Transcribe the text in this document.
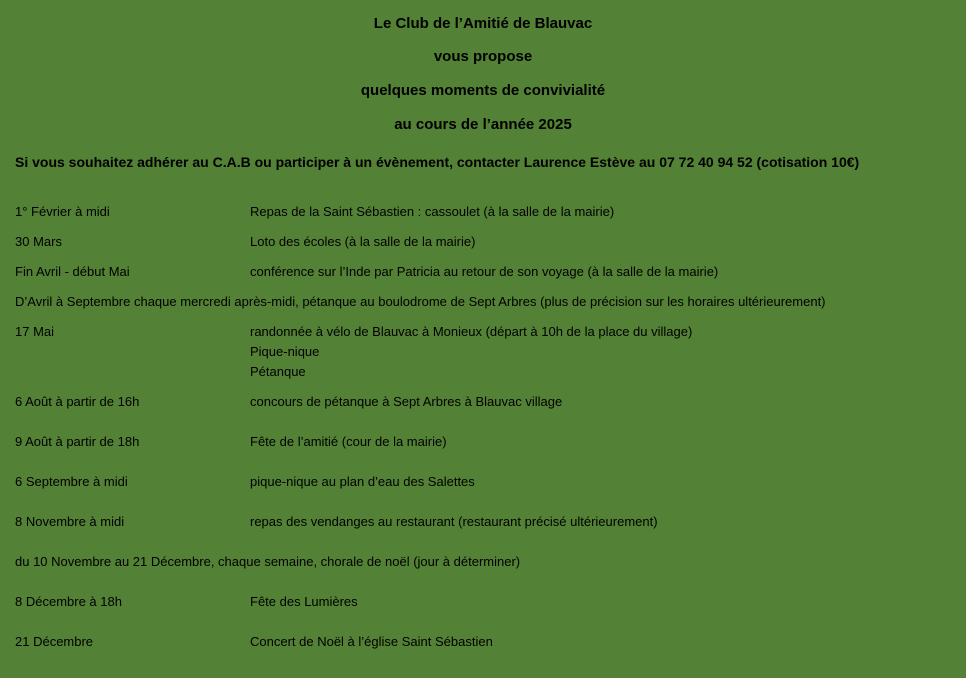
Le Club de l’Amitié de Blauvac
vous propose
quelques moments de convivialité
au cours de l’année 2025
Si vous souhaitez adhérer au C.A.B ou participer à un évènement, contacter Laurence Estève au 07 72 40 94 52 (cotisation 10€)
1° Février à midi	Repas de la Saint Sébastien : cassoulet (à la salle de la mairie)
30 Mars	Loto des écoles (à la salle de la mairie)
Fin Avril - début Mai	conférence sur l’Inde par Patricia au retour de son voyage (à la salle de la mairie)
D’Avril à Septembre chaque mercredi après-midi, pétanque au boulodrome de Sept Arbres (plus de précision sur les horaires ultérieurement)
17 Mai	randonnée à vélo de Blauvac à Monieux (départ à 10h de la place du village)
Pique-nique
Pétanque
6 Août à partir de 16h	concours de pétanque à Sept Arbres à Blauvac village
9 Août à partir de 18h	Fête de l’amitié (cour de la mairie)
6 Septembre à midi	pique-nique au plan d’eau des Salettes
8 Novembre à midi	repas des vendanges au restaurant (restaurant précisé ultérieurement)
du 10 Novembre au 21 Décembre, chaque semaine, chorale de noël (jour à déterminer)
8 Décembre à 18h	Fête des Lumières
21 Décembre	Concert de Noël à l’église Saint Sébastien
